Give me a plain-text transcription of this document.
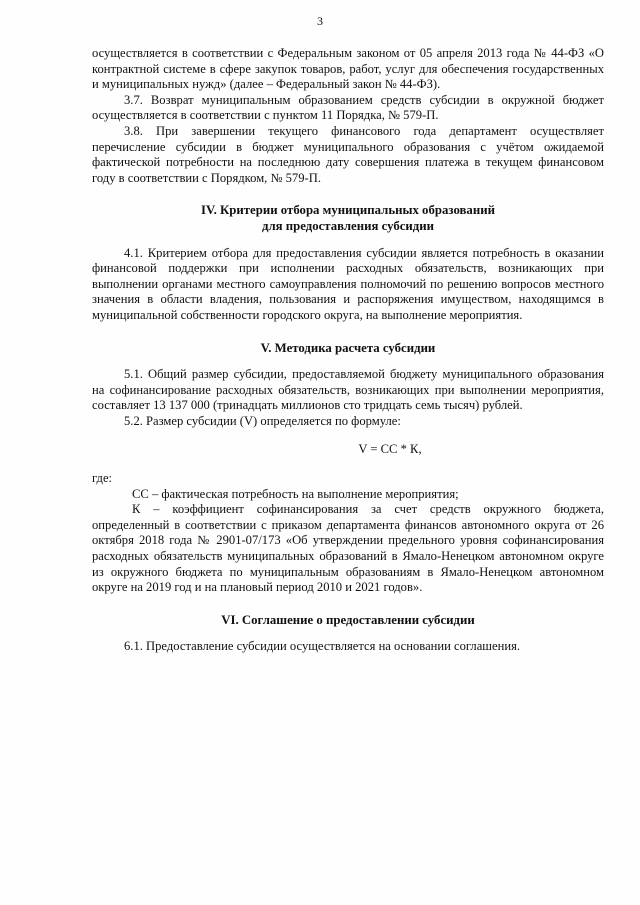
3

осуществляется в соответствии с Федеральным законом от 05 апреля 2013 года № 44-ФЗ «О контрактной системе в сфере закупок товаров, работ, услуг для обеспечения государственных и муниципальных нужд» (далее – Федеральный закон № 44-ФЗ).

3.7. Возврат муниципальным образованием средств субсидии в окружной бюджет осуществляется в соответствии с пунктом 11 Порядка, № 579-П.

3.8. При завершении текущего финансового года департамент осуществляет перечисление субсидии в бюджет муниципального образования с учётом ожидаемой фактической потребности на последнюю дату совершения платежа в текущем финансовом году в соответствии с Порядком, № 579-П.

IV. Критерии отбора муниципальных образований

для предоставления субсидии

4.1. Критерием отбора для предоставления субсидии является потребность в оказании финансовой поддержки при исполнении расходных обязательств, возникающих при выполнении органами местного самоуправления полномочий по решению вопросов местного значения в области владения, пользования и распоряжения имуществом, находящимся в муниципальной собственности городского округа, на выполнение мероприятия.

V. Методика расчета субсидии

5.1. Общий размер субсидии, предоставляемой бюджету муниципального образования на софинансирование расходных обязательств, возникающих при выполнении мероприятия, составляет 13 137 000 (тринадцать миллионов сто тридцать семь тысяч) рублей.

5.2. Размер субсидии (V) определяется по формуле:

V = СС * К,

где:

СС – фактическая потребность на выполнение мероприятия;

К – коэффициент софинансирования за счет средств окружного бюджета, определенный в соответствии с приказом департамента финансов автономного округа от 26 октября 2018 года № 2901-07/173 «Об утверждении предельного уровня софинансирования расходных обязательств муниципальных образований в Ямало-Ненецком автономном округе из окружного бюджета по муниципальным образованиям в Ямало-Ненецком автономном округе на 2019 год и на плановый период 2010 и 2021 годов».

VI. Соглашение о предоставлении субсидии

6.1. Предоставление субсидии осуществляется на основании соглашения.
